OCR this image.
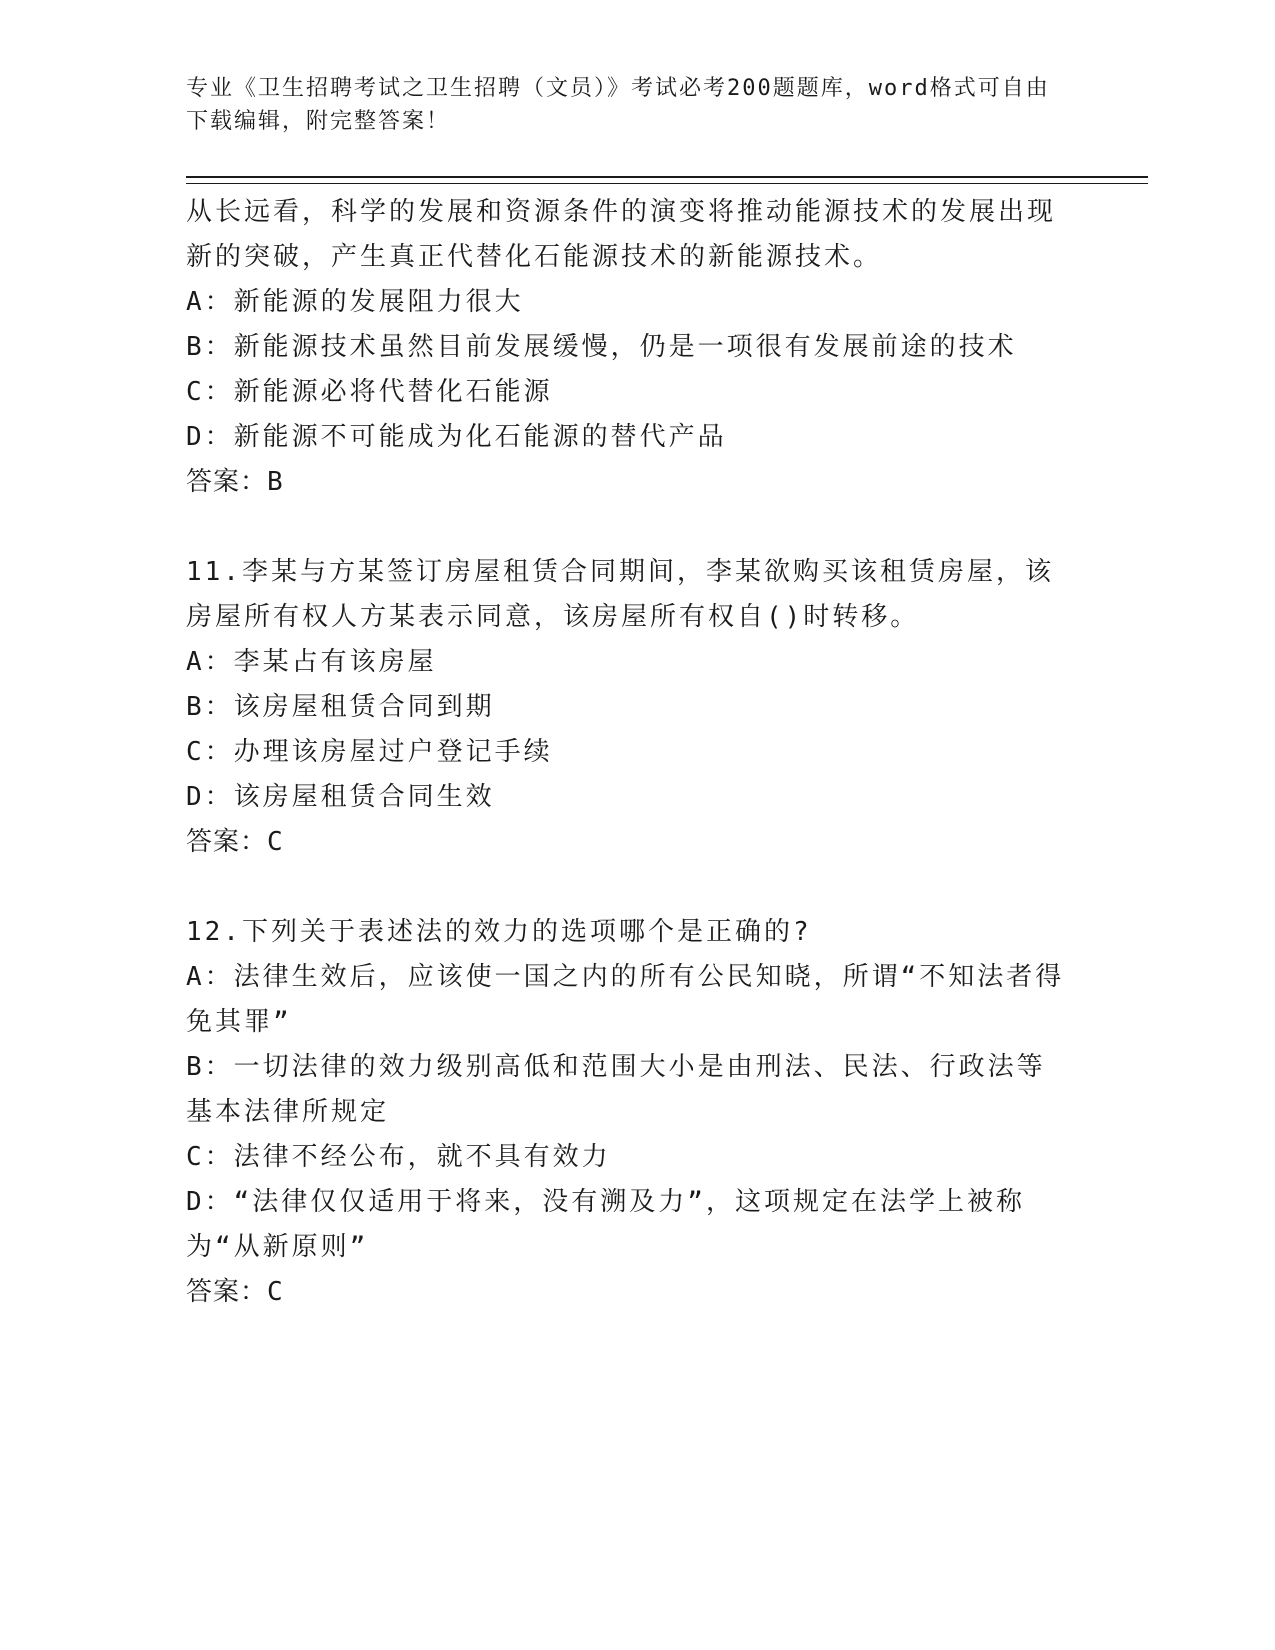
专业《卫生招聘考试之卫生招聘（文员）》考试必考200题题库，word格式可自由下载编辑，附完整答案！

从长远看，科学的发展和资源条件的演变将推动能源技术的发展出现新的突破，产生真正代替化石能源技术的新能源技术。

A：新能源的发展阻力很大

B：新能源技术虽然目前发展缓慢，仍是一项很有发展前途的技术

C：新能源必将代替化石能源

D：新能源不可能成为化石能源的替代产品

答案：B

11.李某与方某签订房屋租赁合同期间，李某欲购买该租赁房屋，该房屋所有权人方某表示同意，该房屋所有权自()时转移。

A：李某占有该房屋

B：该房屋租赁合同到期

C：办理该房屋过户登记手续

D：该房屋租赁合同生效

答案：C

12.下列关于表述法的效力的选项哪个是正确的?

A：法律生效后，应该使一国之内的所有公民知晓，所谓“不知法者得免其罪”

B：一切法律的效力级别高低和范围大小是由刑法、民法、行政法等基本法律所规定

C：法律不经公布，就不具有效力

D：“法律仅仅适用于将来，没有溯及力”，这项规定在法学上被称为“从新原则”

答案：C
